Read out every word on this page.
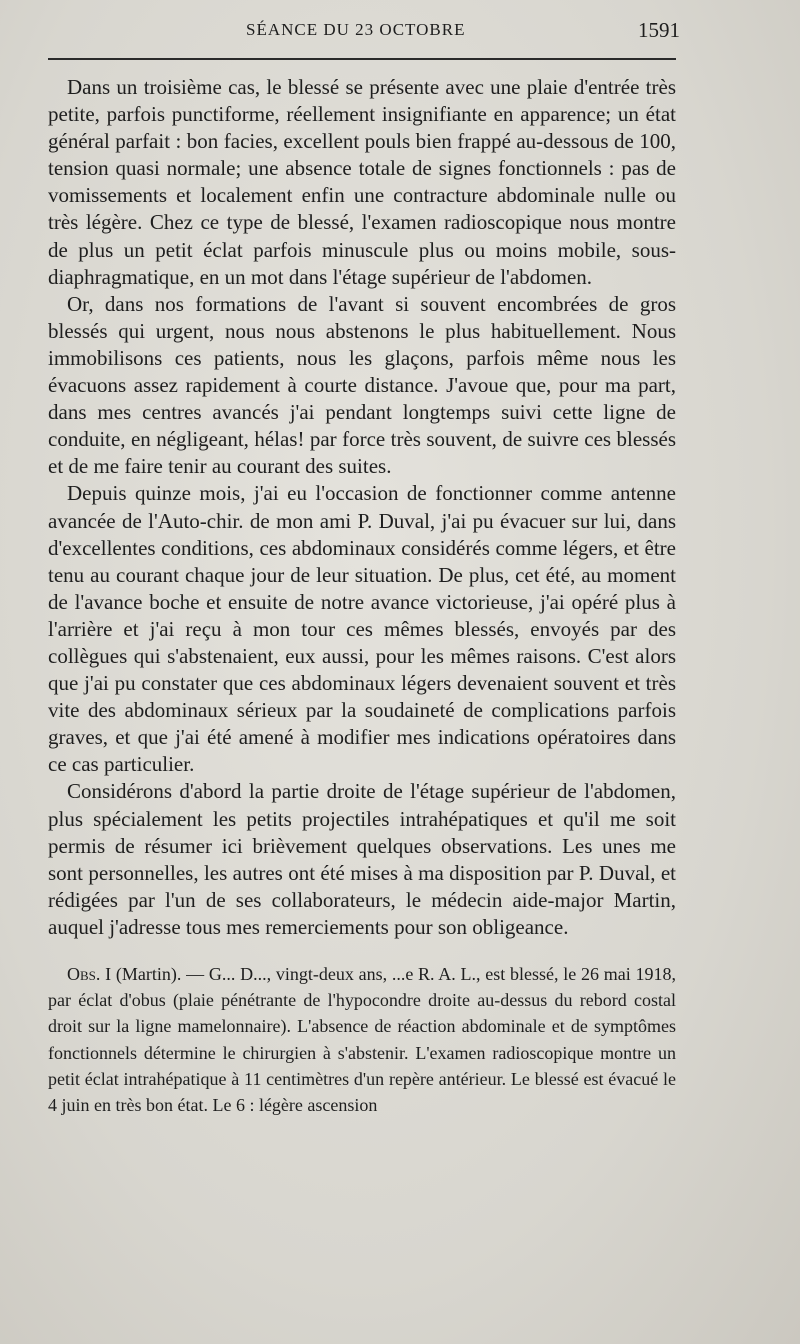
SÉANCE DU 23 OCTOBRE	1591

Dans un troisième cas, le blessé se présente avec une plaie d'entrée très petite, parfois punctiforme, réellement insignifiante en apparence; un état général parfait : bon facies, excellent pouls bien frappé au-dessous de 100, tension quasi normale; une absence totale de signes fonctionnels : pas de vomissements et localement enfin une contracture abdominale nulle ou très légère. Chez ce type de blessé, l'examen radioscopique nous montre de plus un petit éclat parfois minuscule plus ou moins mobile, sous-diaphragmatique, en un mot dans l'étage supérieur de l'abdomen.

Or, dans nos formations de l'avant si souvent encombrées de gros blessés qui urgent, nous nous abstenons le plus habituellement. Nous immobilisons ces patients, nous les glaçons, parfois même nous les évacuons assez rapidement à courte distance. J'avoue que, pour ma part, dans mes centres avancés j'ai pendant longtemps suivi cette ligne de conduite, en négligeant, hélas! par force très souvent, de suivre ces blessés et de me faire tenir au courant des suites.

Depuis quinze mois, j'ai eu l'occasion de fonctionner comme antenne avancée de l'Auto-chir. de mon ami P. Duval, j'ai pu évacuer sur lui, dans d'excellentes conditions, ces abdominaux considérés comme légers, et être tenu au courant chaque jour de leur situation. De plus, cet été, au moment de l'avance boche et ensuite de notre avance victorieuse, j'ai opéré plus à l'arrière et j'ai reçu à mon tour ces mêmes blessés, envoyés par des collègues qui s'abstenaient, eux aussi, pour les mêmes raisons. C'est alors que j'ai pu constater que ces abdominaux légers devenaient souvent et très vite des abdominaux sérieux par la soudaineté de complications parfois graves, et que j'ai été amené à modifier mes indications opératoires dans ce cas particulier.

Considérons d'abord la partie droite de l'étage supérieur de l'abdomen, plus spécialement les petits projectiles intrahépatiques et qu'il me soit permis de résumer ici brièvement quelques observations. Les unes me sont personnelles, les autres ont été mises à ma disposition par P. Duval, et rédigées par l'un de ses collaborateurs, le médecin aide-major Martin, auquel j'adresse tous mes remerciements pour son obligeance.

Obs. I (Martin). — G... D..., vingt-deux ans, ...e R. A. L., est blessé, le 26 mai 1918, par éclat d'obus (plaie pénétrante de l'hypocondre droite au-dessus du rebord costal droit sur la ligne mamelonnaire). L'absence de réaction abdominale et de symptômes fonctionnels détermine le chirurgien à s'abstenir. L'examen radioscopique montre un petit éclat intrahépatique à 11 centimètres d'un repère antérieur. Le blessé est évacué le 4 juin en très bon état. Le 6 : légère ascension
